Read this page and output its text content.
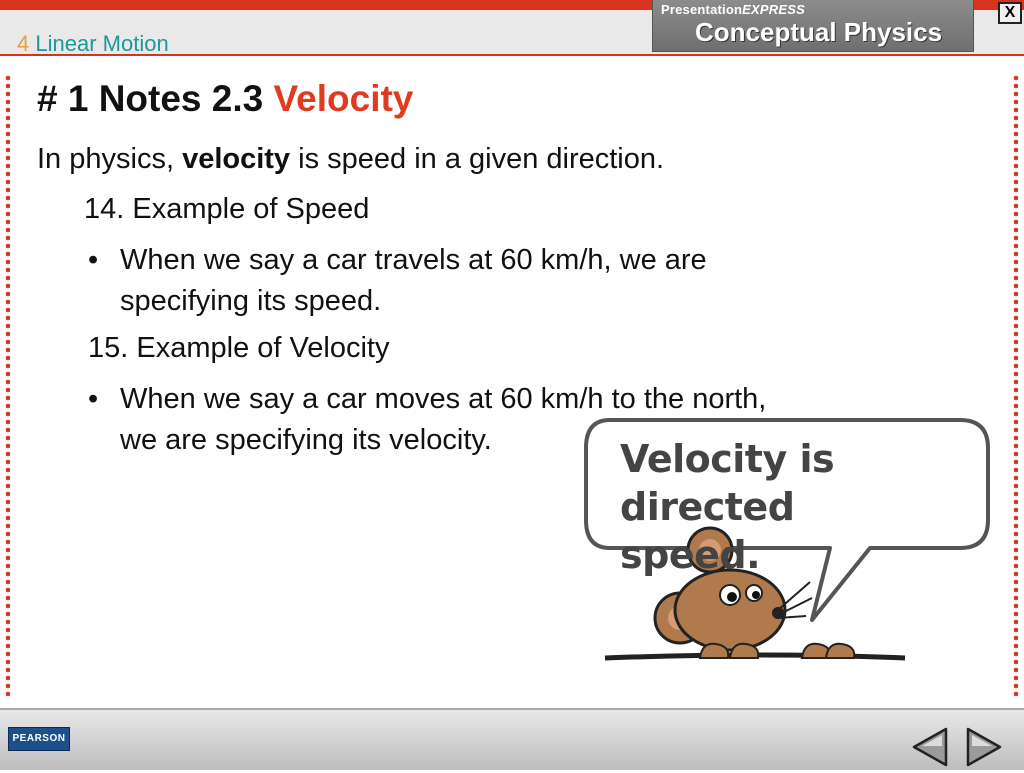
4 Linear Motion
PresentationEXPRESS
Conceptual Physics
X
# 1 Notes 2.3 Velocity
In physics, velocity is speed in a given direction.
14. Example of Speed
• When we say a car travels at 60 km/h, we are specifying its speed.
15. Example of Velocity
• When we say a car moves at 60 km/h to the north, we are specifying its velocity.	Velocity is directed
speed.
PEARSON
